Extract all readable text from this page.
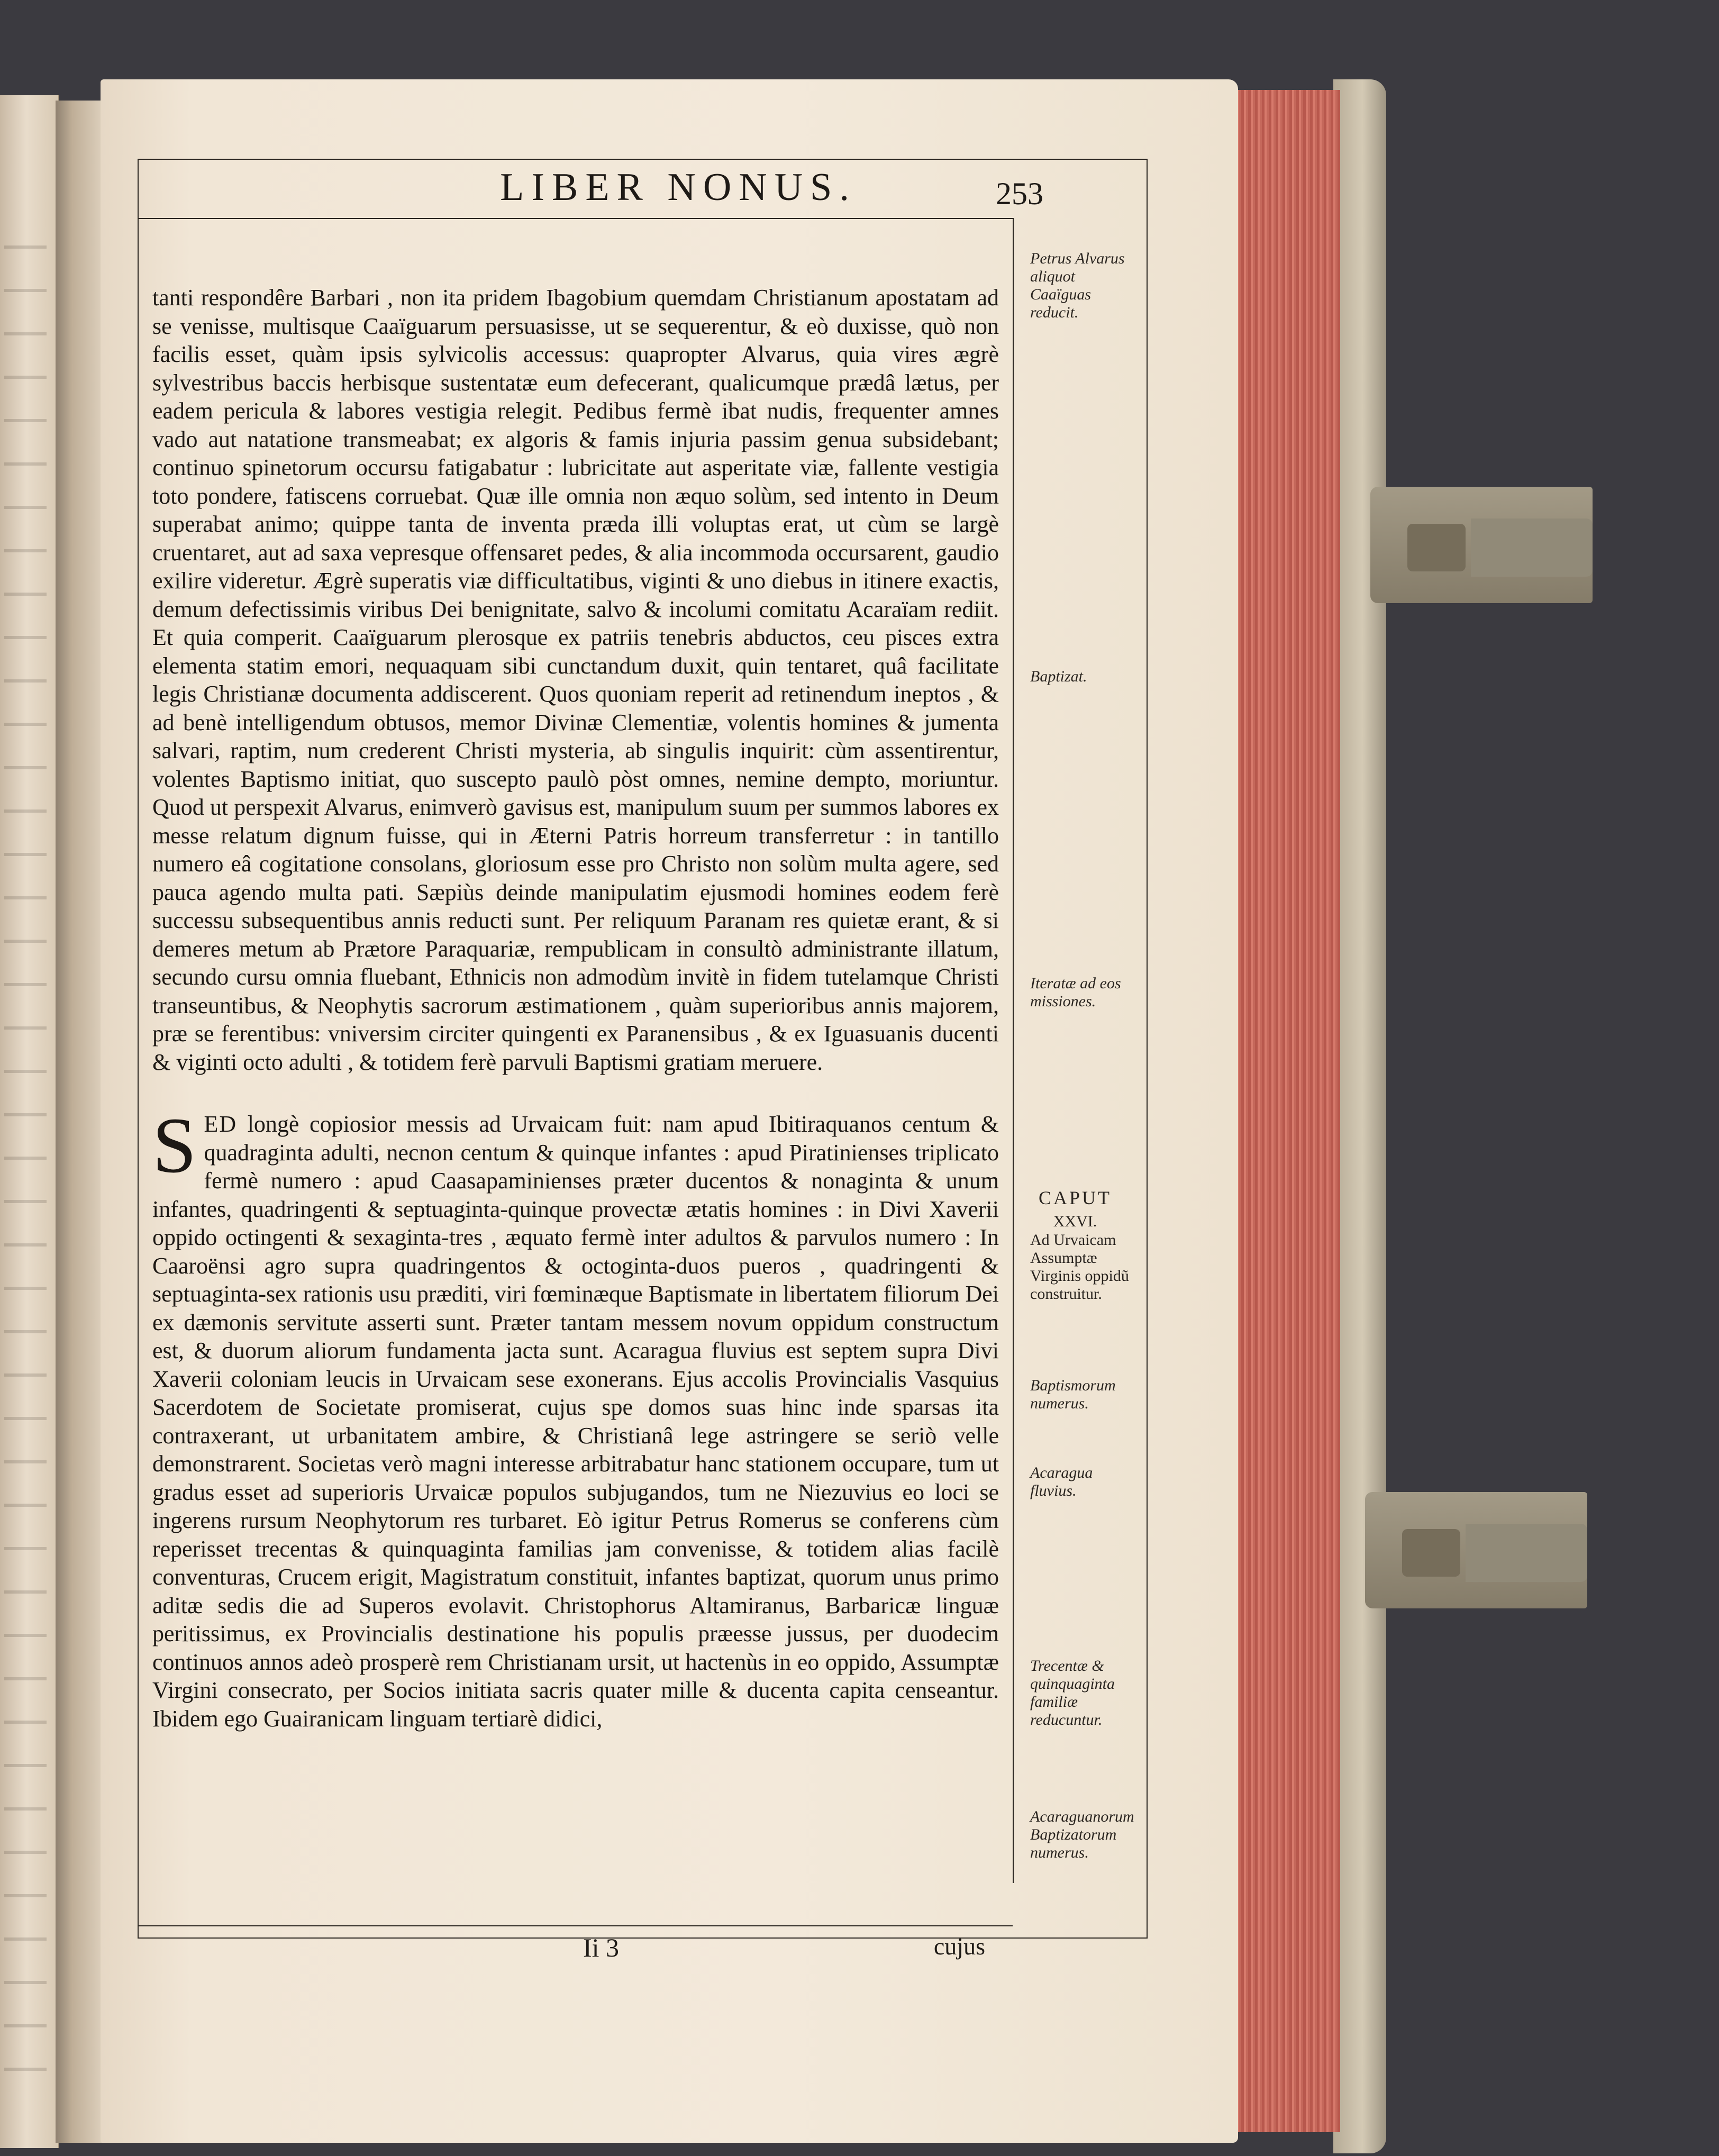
LIBER NONUS.	253

tanti respondêre Barbari , non ita pridem Ibagobium quemdam Christianum apostatam ad se venisse, multisque Caaïguarum persuasisse, ut se sequerentur, & eò duxisse, quò non facilis esset, quàm ipsis sylvicolis accessus: quapropter Alvarus, quia vires ægrè sylvestribus baccis herbisque sustentatæ eum defecerant, qualicumque prædâ lætus, per eadem pericula & labores vestigia relegit. Pedibus fermè ibat nudis, frequenter amnes vado aut natatione transmeabat; ex algoris & famis injuria passim genua subsidebant; continuo spinetorum occursu fatigabatur : lubricitate aut asperitate viæ, fallente vestigia toto pondere, fatiscens corruebat. Quæ ille omnia non æquo solùm, sed intento in Deum superabat animo; quippe tanta de inventa præda illi voluptas erat, ut cùm se largè cruentaret, aut ad saxa vepresque offensaret pedes, & alia incommoda occursarent, gaudio exilire videretur. Ægrè superatis viæ difficultatibus, viginti & uno diebus in itinere exactis, demum defectissimis viribus Dei benignitate, salvo & incolumi comitatu Acaraïam rediit. Et quia comperit. Caaïguarum plerosque ex patriis tenebris abductos, ceu pisces extra elementa statim emori, nequaquam sibi cunctandum duxit, quin tentaret, quâ facilitate legis Christianæ documenta addiscerent. Quos quoniam reperit ad retinendum ineptos , & ad benè intelligendum obtusos, memor Divinæ Clementiæ, volentis homines & jumenta salvari, raptim, num crederent Christi mysteria, ab singulis inquirit: cùm assentirentur, volentes Baptismo initiat, quo suscepto paulò pòst omnes, nemine dempto, moriuntur. Quod ut perspexit Alvarus, enimverò gavisus est, manipulum suum per summos labores ex messe relatum dignum fuisse, qui in Æterni Patris horreum transferretur : in tantillo numero eâ cogitatione consolans, gloriosum esse pro Christo non solùm multa agere, sed pauca agendo multa pati. Sæpiùs deinde manipulatim ejusmodi homines eodem ferè successu subsequentibus annis reducti sunt. Per reliquum Paranam res quietæ erant, & si demeres metum ab Prætore Paraquariæ, rempublicam in consultò administrante illatum, secundo cursu omnia fluebant, Ethnicis non admodùm invitè in fidem tutelamque Christi transeuntibus, & Neophytis sacrorum æstimationem , quàm superioribus annis majorem, præ se ferentibus: vniversim circiter quingenti ex Paranensibus , & ex Iguasuanis ducenti & viginti octo adulti , & totidem ferè parvuli Baptismi gratiam meruere.

SED longè copiosior messis ad Urvaicam fuit: nam apud Ibitiraquanos centum & quadraginta adulti, necnon centum & quinque infantes : apud Piratinienses triplicato fermè numero : apud Caasapaminienses præter ducentos & nonaginta & unum infantes, quadringenti & septuaginta-quinque provectæ ætatis homines : in Divi Xaverii oppido octingenti & sexaginta-tres , æquato fermè inter adultos & parvulos numero : In Caaroënsi agro supra quadringentos & octoginta-duos pueros , quadringenti & septuaginta-sex rationis usu præditi, viri fœminæque Baptismate in libertatem filiorum Dei ex dæmonis servitute asserti sunt. Præter tantam messem novum oppidum constructum est, & duorum aliorum fundamenta jacta sunt. Acaragua fluvius est septem supra Divi Xaverii coloniam leucis in Urvaicam sese exonerans. Ejus accolis Provincialis Vasquius Sacerdotem de Societate promiserat, cujus spe domos suas hinc inde sparsas ita contraxerant, ut urbanitatem ambire, & Christianâ lege astringere se seriò velle demonstrarent. Societas verò magni interesse arbitrabatur hanc stationem occupare, tum ut gradus esset ad superioris Urvaicæ populos subjugandos, tum ne Niezuvius eo loci se ingerens rursum Neophytorum res turbaret. Eò igitur Petrus Romerus se conferens cùm reperisset trecentas & quinquaginta familias jam convenisse, & totidem alias facilè conventuras, Crucem erigit, Magistratum constituit, infantes baptizat, quorum unus primo aditæ sedis die ad Superos evolavit. Christophorus Altamiranus, Barbaricæ linguæ peritissimus, ex Provincialis destinatione his populis præesse jussus, per duodecim continuos annos adeò prosperè rem Christianam ursit, ut hactenùs in eo oppido, Assumptæ Virgini consecrato, per Socios initiata sacris quater mille & ducenta capita censeantur. Ibidem ego Guairanicam linguam tertiarè didici,

Ii 3	cujus
Petrus Alvarus aliquot Caaïguas reducit.
Baptizat.
Iteratæ ad eos missiones.
CAPUT
XXVI.
Ad Urvaicam Assumptæ Virginis oppidũ construitur.
Baptismorum numerus.
Acaragua fluvius.
Trecentæ & quinquaginta familiæ reducuntur.
Acaraguanorum Baptizatorum numerus.
